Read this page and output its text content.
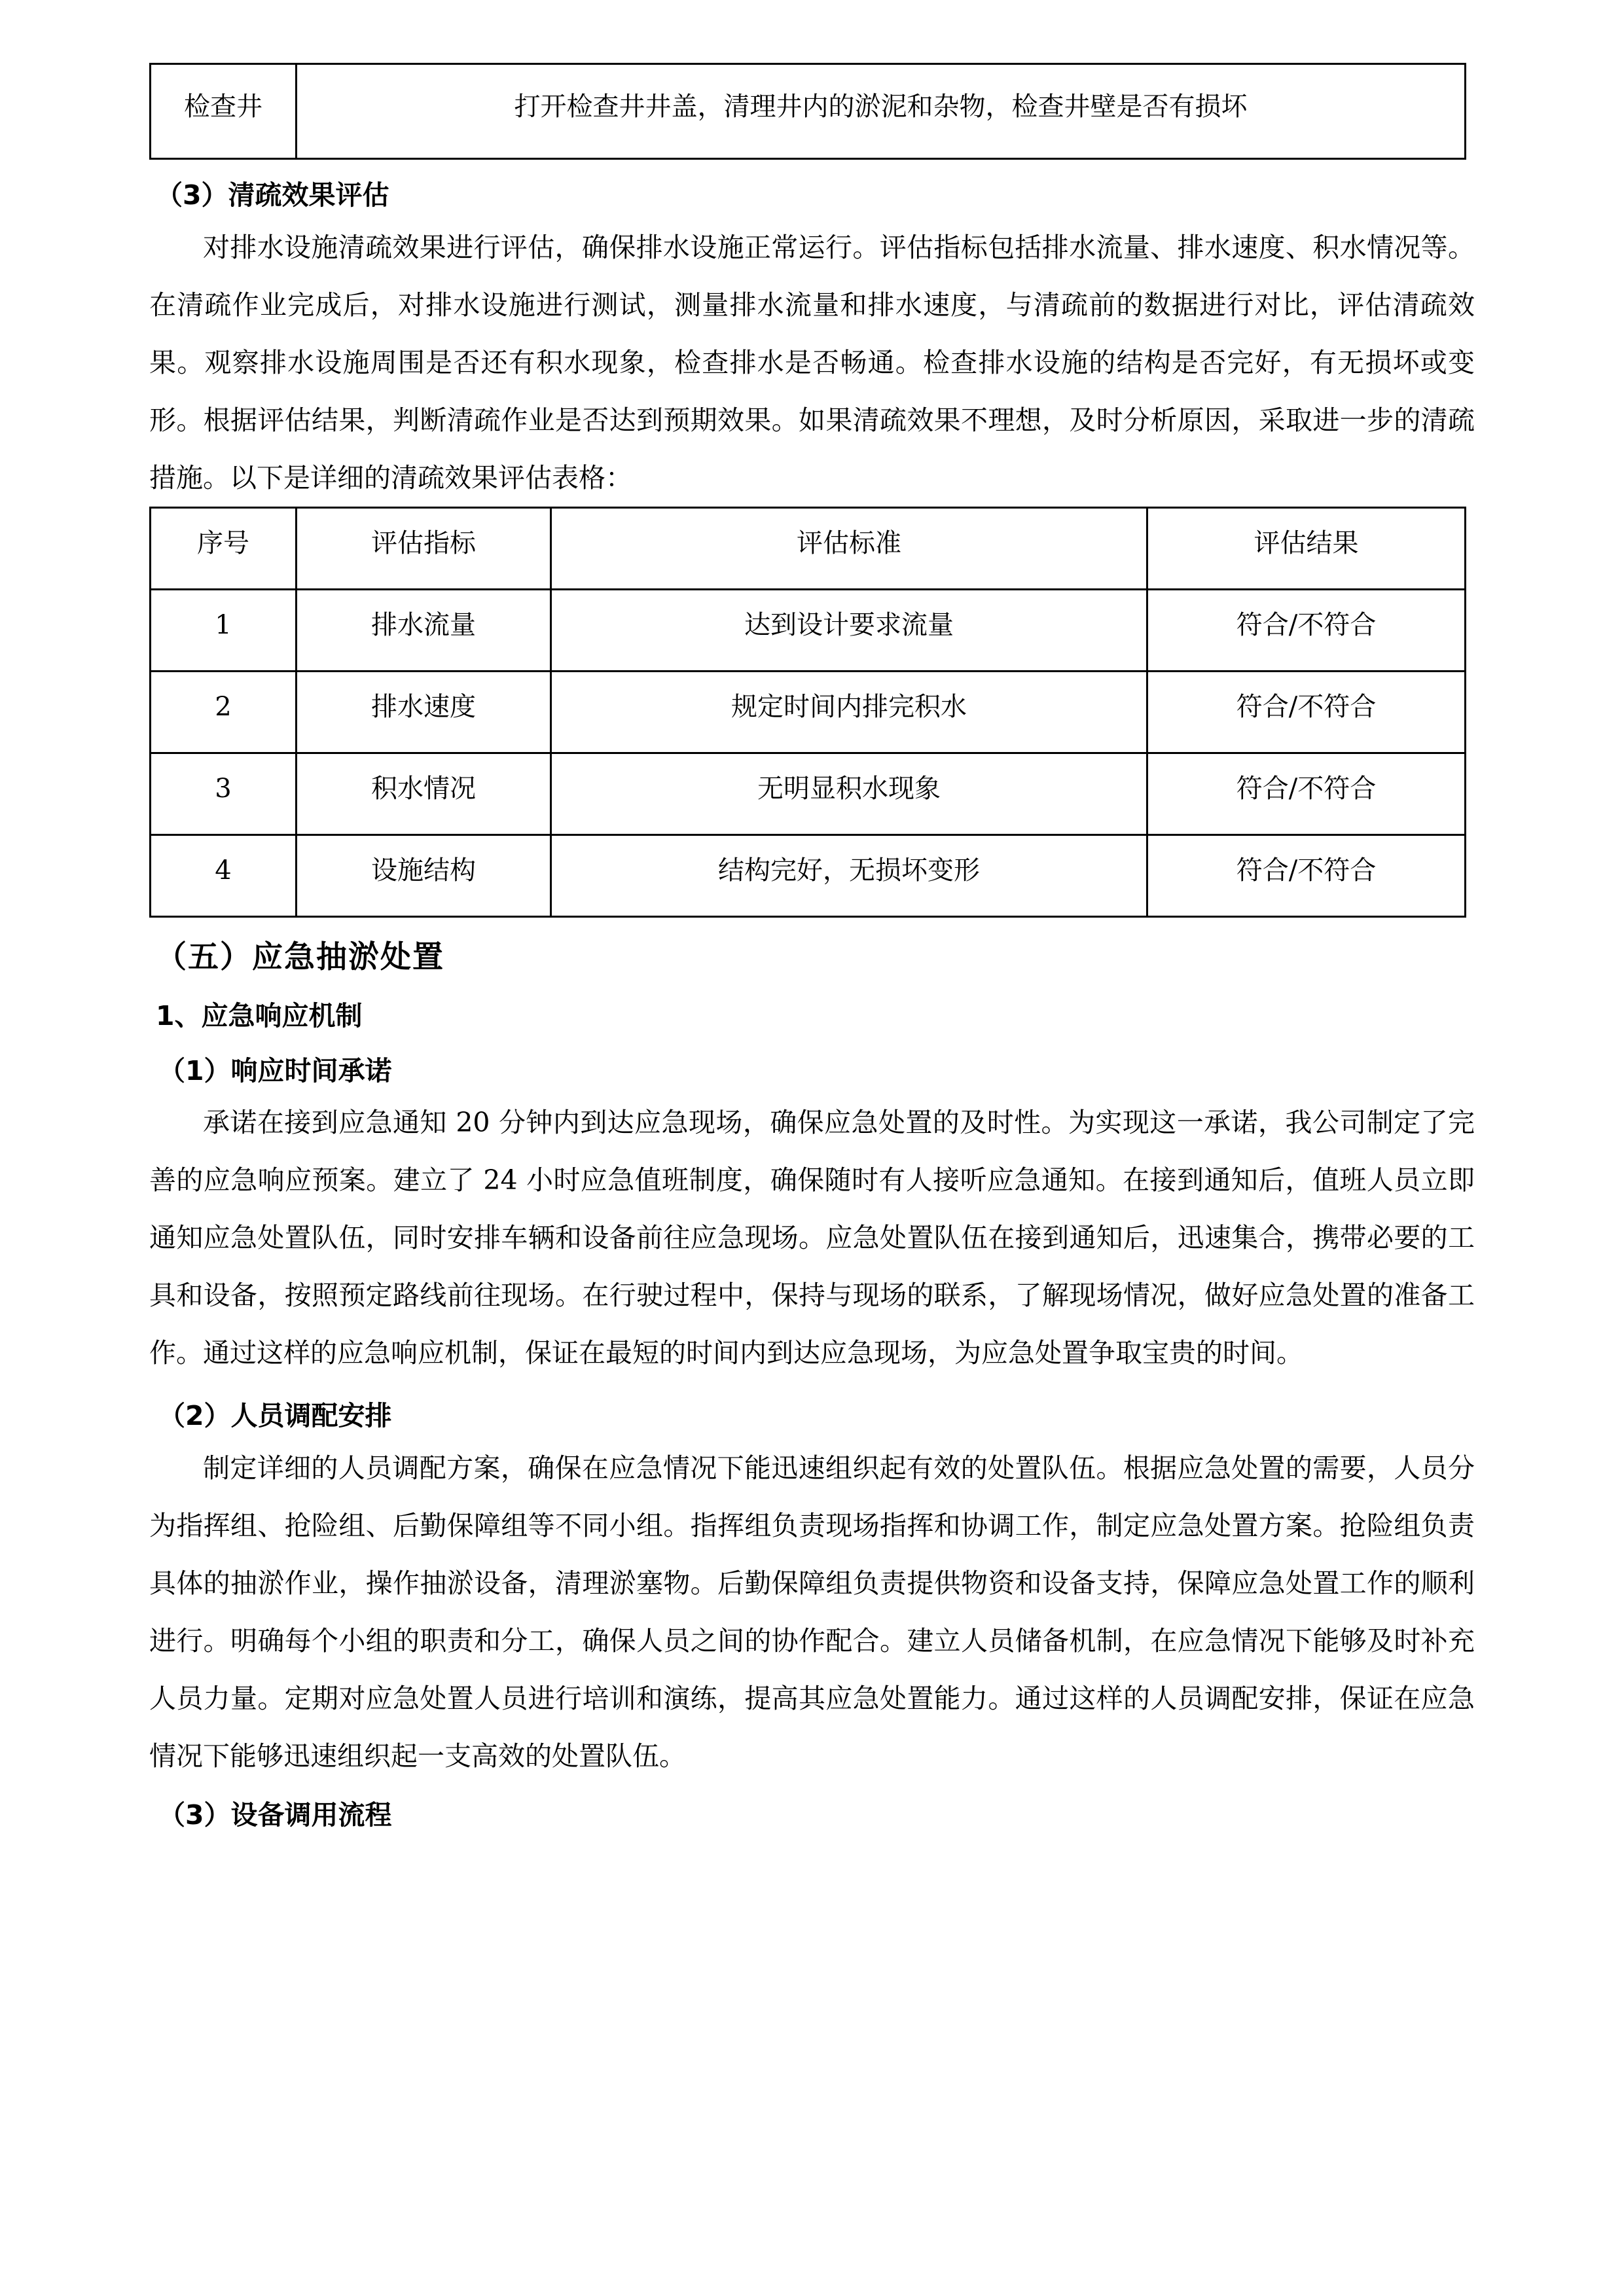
检查井	打开检查井井盖，清理井内的淤泥和杂物，检查井壁是否有损坏
（3）清疏效果评估

对排水设施清疏效果进行评估，确保排水设施正常运行。评估指标包括排水流量、排水速度、积水情况等。在清疏作业完成后，对排水设施进行测试，测量排水流量和排水速度，与清疏前的数据进行对比，评估清疏效果。观察排水设施周围是否还有积水现象，检查排水是否畅通。检查排水设施的结构是否完好，有无损坏或变形。根据评估结果，判断清疏作业是否达到预期效果。如果清疏效果不理想，及时分析原因，采取进一步的清疏措施。以下是详细的清疏效果评估表格：

序号	评估指标	评估标准	评估结果
1	排水流量	达到设计要求流量	符合/不符合
2	排水速度	规定时间内排完积水	符合/不符合
3	积水情况	无明显积水现象	符合/不符合
4	设施结构	结构完好，无损坏变形	符合/不符合
（五）应急抽淤处置
1、应急响应机制
（1）响应时间承诺

承诺在接到应急通知 20 分钟内到达应急现场，确保应急处置的及时性。为实现这一承诺，我公司制定了完善的应急响应预案。建立了 24 小时应急值班制度，确保随时有人接听应急通知。在接到通知后，值班人员立即通知应急处置队伍，同时安排车辆和设备前往应急现场。应急处置队伍在接到通知后，迅速集合，携带必要的工具和设备，按照预定路线前往现场。在行驶过程中，保持与现场的联系，了解现场情况，做好应急处置的准备工作。通过这样的应急响应机制，保证在最短的时间内到达应急现场，为应急处置争取宝贵的时间。

（2）人员调配安排

制定详细的人员调配方案，确保在应急情况下能迅速组织起有效的处置队伍。根据应急处置的需要，人员分为指挥组、抢险组、后勤保障组等不同小组。指挥组负责现场指挥和协调工作，制定应急处置方案。抢险组负责具体的抽淤作业，操作抽淤设备，清理淤塞物。后勤保障组负责提供物资和设备支持，保障应急处置工作的顺利进行。明确每个小组的职责和分工，确保人员之间的协作配合。建立人员储备机制，在应急情况下能够及时补充人员力量。定期对应急处置人员进行培训和演练，提高其应急处置能力。通过这样的人员调配安排，保证在应急情况下能够迅速组织起一支高效的处置队伍。

（3）设备调用流程
